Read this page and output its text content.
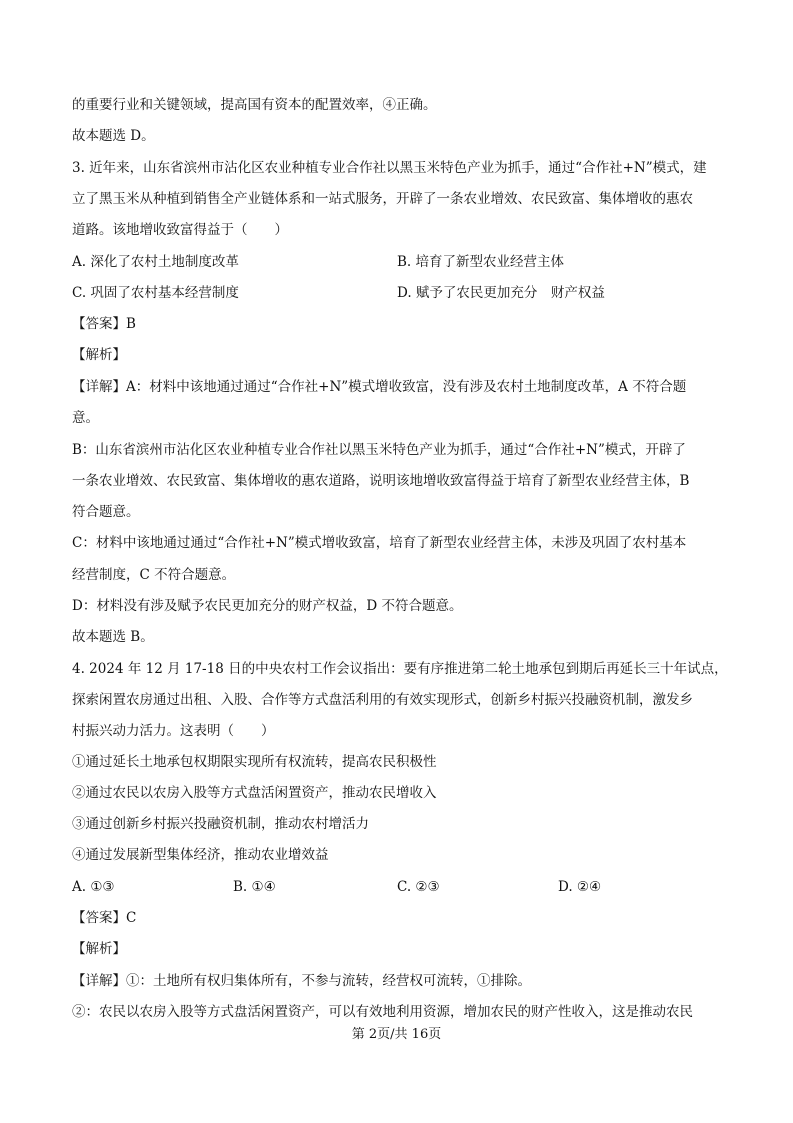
的重要行业和关键领域，提高国有资本的配置效率，④正确。
故本题选 D。
3. 近年来，山东省滨州市沾化区农业种植专业合作社以黑玉米特色产业为抓手，通过“合作社+N”模式，建
立了黑玉米从种植到销售全产业链体系和一站式服务，开辟了一条农业增效、农民致富、集体增收的惠农
道路。该地增收致富得益于（　　）
A. 深化了农村土地制度改革	B. 培育了新型农业经营主体
C. 巩固了农村基本经营制度	D. 赋予了农民更加充分　财产权益
【答案】B
【解析】
【详解】A：材料中该地通过通过“合作社+N”模式增收致富，没有涉及农村土地制度改革，A 不符合题
意。
B：山东省滨州市沾化区农业种植专业合作社以黑玉米特色产业为抓手，通过“合作社+N”模式，开辟了
一条农业增效、农民致富、集体增收的惠农道路，说明该地增收致富得益于培育了新型农业经营主体，B
符合题意。
C：材料中该地通过通过“合作社+N”模式增收致富，培育了新型农业经营主体，未涉及巩固了农村基本
经营制度，C 不符合题意。
D：材料没有涉及赋予农民更加充分的财产权益，D 不符合题意。
故本题选 B。
4. 2024 年 12 月 17-18 日的中央农村工作会议指出：要有序推进第二轮土地承包到期后再延长三十年试点，
探索闲置农房通过出租、入股、合作等方式盘活利用的有效实现形式，创新乡村振兴投融资机制，激发乡
村振兴动力活力。这表明（　　）
①通过延长土地承包权期限实现所有权流转，提高农民积极性
②通过农民以农房入股等方式盘活闲置资产，推动农民增收入
③通过创新乡村振兴投融资机制，推动农村增活力
④通过发展新型集体经济，推动农业增效益
A. ①③	B. ①④	C. ②③	D. ②④
【答案】C
【解析】
【详解】①：土地所有权归集体所有，不参与流转，经营权可流转，①排除。
②：农民以农房入股等方式盘活闲置资产，可以有效地利用资源，增加农民的财产性收入，这是推动农民
第 2页/共 16页
